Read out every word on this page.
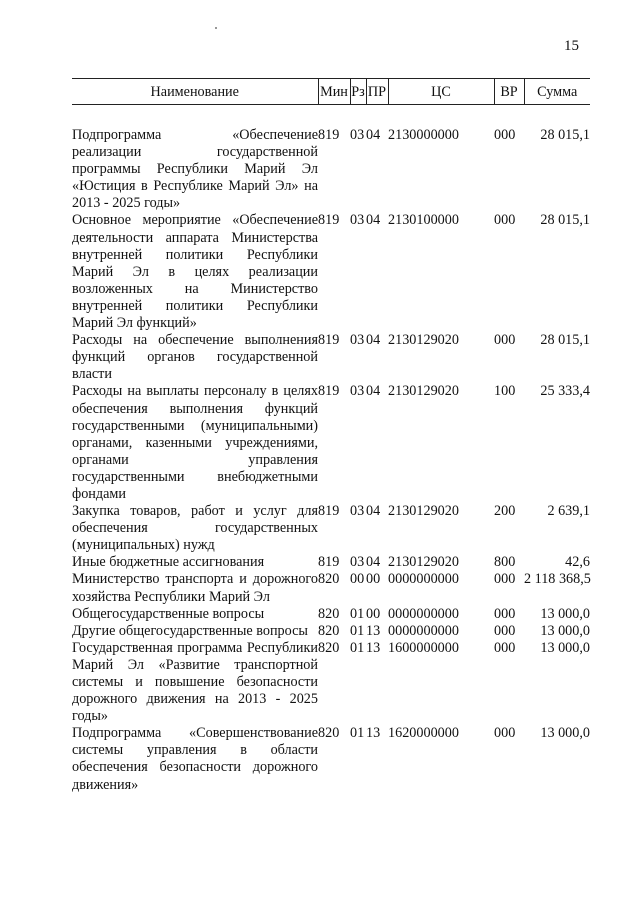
15
Наименование	Мин	Рз	ПР	ЦС	ВР	Сумма

Подпрограмма «Обеспечение реализации государственной программы Республики Марий Эл «Юстиция в Республике Марий Эл» на 2013 - 2025 годы»	819	03	04	2130000000	000	28 015,1
Основное мероприятие «Обеспечение деятельности аппарата Министерства внутренней политики Республики Марий Эл в целях реализации возложенных на Министерство внутренней политики Республики Марий Эл функций»	819	03	04	2130100000	000	28 015,1
Расходы на обеспечение выполнения функций органов государственной власти	819	03	04	2130129020	000	28 015,1
Расходы на выплаты персоналу в целях обеспечения выполнения функций государственными (муниципальными) органами, казенными учреждениями, органами управления государственными внебюджетными фондами	819	03	04	2130129020	100	25 333,4
Закупка товаров, работ и услуг для обеспечения государственных (муниципальных) нужд	819	03	04	2130129020	200	2 639,1
Иные бюджетные ассигнования	819	03	04	2130129020	800	42,6
Министерство транспорта и дорожного хозяйства Республики Марий Эл	820	00	00	0000000000	000	2 118 368,5
Общегосударственные вопросы	820	01	00	0000000000	000	13 000,0
Другие общегосударственные вопросы	820	01	13	0000000000	000	13 000,0
Государственная программа Республики Марий Эл «Развитие транспортной системы и повышение безопасности дорожного движения на 2013 - 2025 годы»	820	01	13	1600000000	000	13 000,0
Подпрограмма «Совершенствование системы управления в области обеспечения безопасности дорожного движения»	820	01	13	1620000000	000	13 000,0
